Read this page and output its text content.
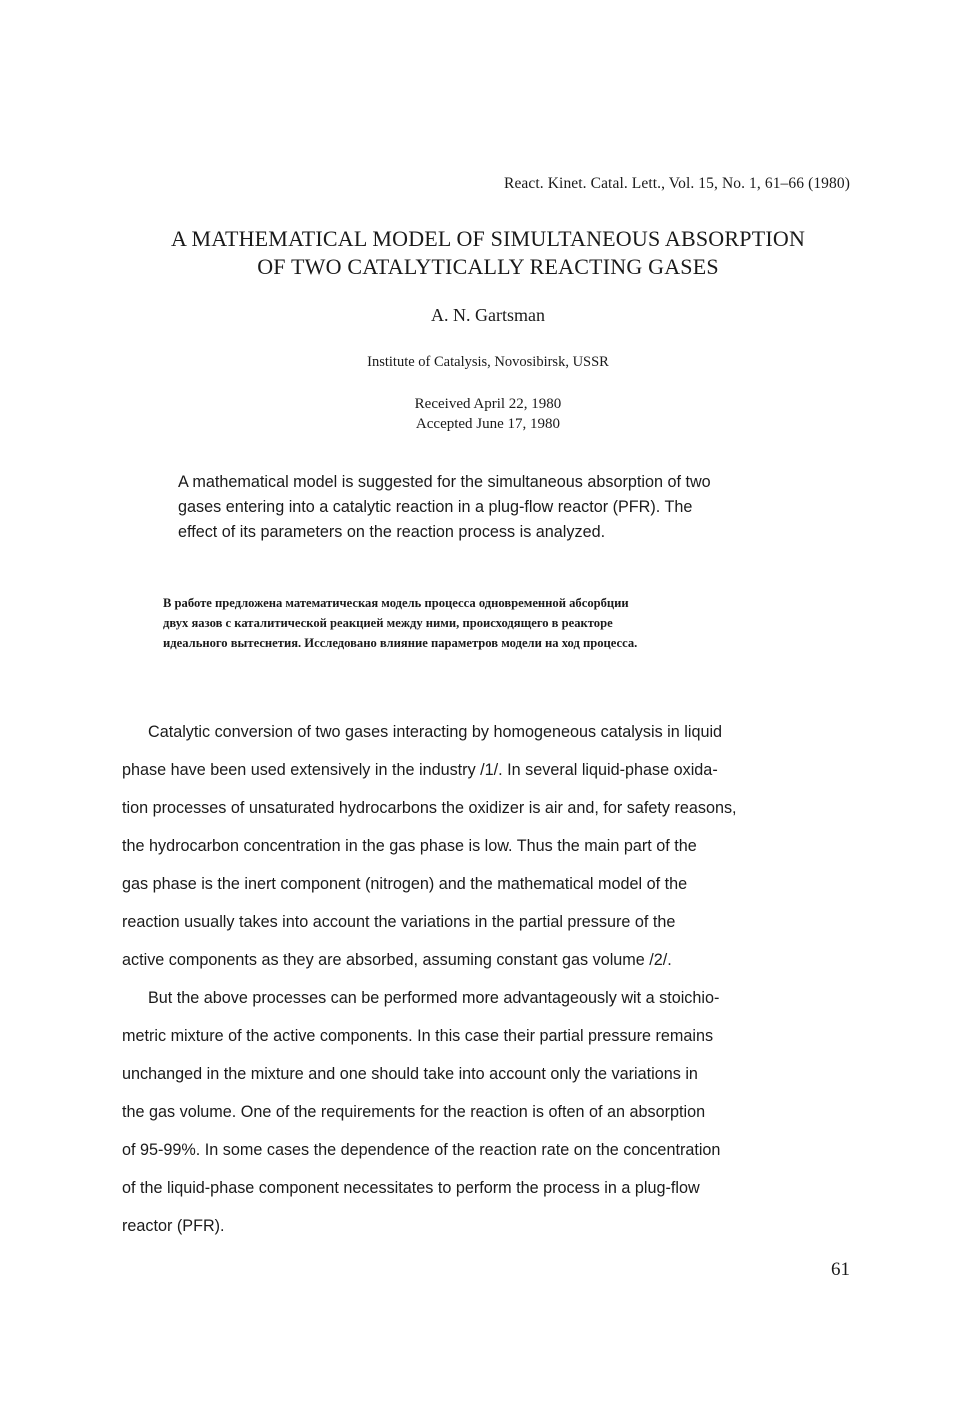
React. Kinet. Catal. Lett., Vol. 15, No. 1, 61–66 (1980)
A MATHEMATICAL MODEL OF SIMULTANEOUS ABSORPTION
OF TWO CATALYTICALLY REACTING GASES
A. N. Gartsman
Institute of Catalysis, Novosibirsk, USSR
Received April 22, 1980
Accepted June 17, 1980
A mathematical model is suggested for the simultaneous absorption of two
gases entering into a catalytic reaction in a plug-flow reactor (PFR). The
effect of its parameters on the reaction process is analyzed.
В работе предложена математическая модель процесса одновременной абсорбции
двух яазов с каталитической реакцией между ними, происходящего в реакторе
идеального вытеснетия. Исследовано влияние параметров модели на ход процесса.
Catalytic conversion of two gases interacting by homogeneous catalysis in liquid
phase have been used extensively in the industry /1/. In several liquid-phase oxida-
tion processes of unsaturated hydrocarbons the oxidizer is air and, for safety reasons,
the hydrocarbon concentration in the gas phase is low. Thus the main part of the
gas phase is the inert component (nitrogen) and the mathematical model of the
reaction usually takes into account the variations in the partial pressure of the
active components as they are absorbed, assuming constant gas volume /2/.
But the above processes can be performed more advantageously wit a stoichio-
metric mixture of the active components. In this case their partial pressure remains
unchanged in the mixture and one should take into account only the variations in
the gas volume. One of the requirements for the reaction is often of an absorption
of 95-99%. In some cases the dependence of the reaction rate on the concentration
of the liquid-phase component necessitates to perform the process in a plug-flow
reactor (PFR).
61
